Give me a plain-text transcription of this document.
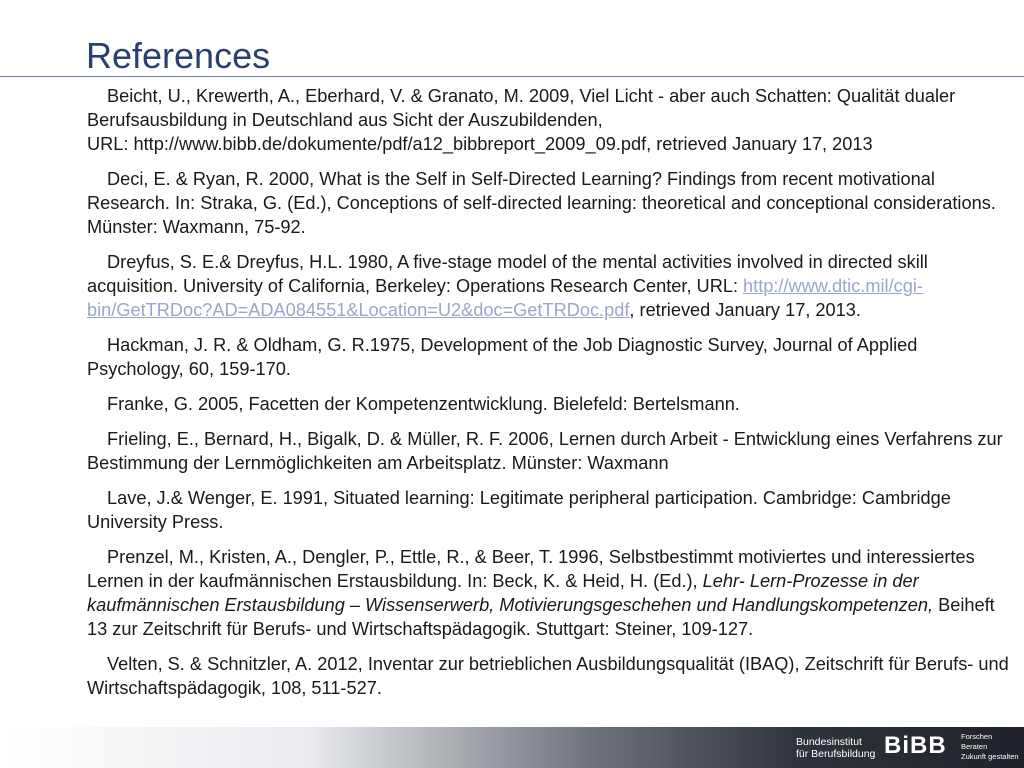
References

Beicht, U., Krewerth, A., Eberhard, V. & Granato, M. 2009, Viel Licht - aber auch Schatten: Qualität dualer Berufsausbildung in Deutschland aus Sicht der Auszubildenden,
URL: http://www.bibb.de/dokumente/pdf/a12_bibbreport_2009_09.pdf, retrieved January 17, 2013

Deci, E. & Ryan, R. 2000, What is the Self in Self-Directed Learning? Findings from recent motivational Research. In: Straka, G. (Ed.), Conceptions of self-directed learning: theoretical and conceptional considerations. Münster: Waxmann, 75-92.

Dreyfus, S. E.& Dreyfus, H.L. 1980, A five-stage model of the mental activities involved in directed skill acquisition. University of California, Berkeley: Operations Research Center, URL: http://www.dtic.mil/cgi-bin/GetTRDoc?AD=ADA084551&Location=U2&doc=GetTRDoc.pdf, retrieved January 17, 2013.

Hackman, J. R. & Oldham, G. R.1975, Development of the Job Diagnostic Survey, Journal of Applied Psychology, 60, 159-170.

Franke, G. 2005, Facetten der Kompetenzentwicklung. Bielefeld: Bertelsmann.

Frieling, E., Bernard, H., Bigalk, D. & Müller, R. F. 2006, Lernen durch Arbeit - Entwicklung eines Verfahrens zur Bestimmung der Lernmöglichkeiten am Arbeitsplatz. Münster: Waxmann

Lave, J.& Wenger, E. 1991, Situated learning: Legitimate peripheral participation. Cambridge: Cambridge University Press.

Prenzel, M., Kristen, A., Dengler, P., Ettle, R., & Beer, T. 1996, Selbstbestimmt motiviertes und interessiertes Lernen in der kaufmännischen Erstausbildung. In: Beck, K. & Heid, H. (Ed.), Lehr- Lern-Prozesse in der kaufmännischen Erstausbildung – Wissenserwerb, Motivierungsgeschehen und Handlungskompetenzen, Beiheft 13 zur Zeitschrift für Berufs- und Wirtschaftspädagogik. Stuttgart: Steiner, 109-127.

Velten, S. & Schnitzler, A. 2012, Inventar zur betrieblichen Ausbildungsqualität (IBAQ), Zeitschrift für Berufs- und Wirtschaftspädagogik, 108, 511-527.

Bundesinstitut
für Berufsbildung BiBB Forschen
Beraten
Zukunft gestalten
